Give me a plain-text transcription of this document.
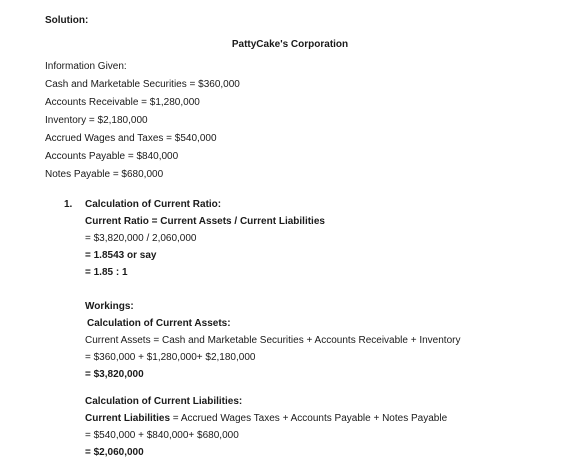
Solution:
PattyCake's Corporation
Information Given:
Cash and Marketable Securities = $360,000
Accounts Receivable = $1,280,000
Inventory = $2,180,000
Accrued Wages and Taxes = $540,000
Accounts Payable = $840,000
Notes Payable = $680,000
1. Calculation of Current Ratio:
Current Ratio = Current Assets / Current Liabilities
= $3,820,000 / 2,060,000
= 1.8543 or say
= 1.85 : 1
Workings:
Calculation of Current Assets:
Current Assets = Cash and Marketable Securities + Accounts Receivable + Inventory
= $360,000 + $1,280,000+ $2,180,000
= $3,820,000
Calculation of Current Liabilities:
Current Liabilities = Accrued Wages Taxes + Accounts Payable + Notes Payable
= $540,000 + $840,000+ $680,000
= $2,060,000
